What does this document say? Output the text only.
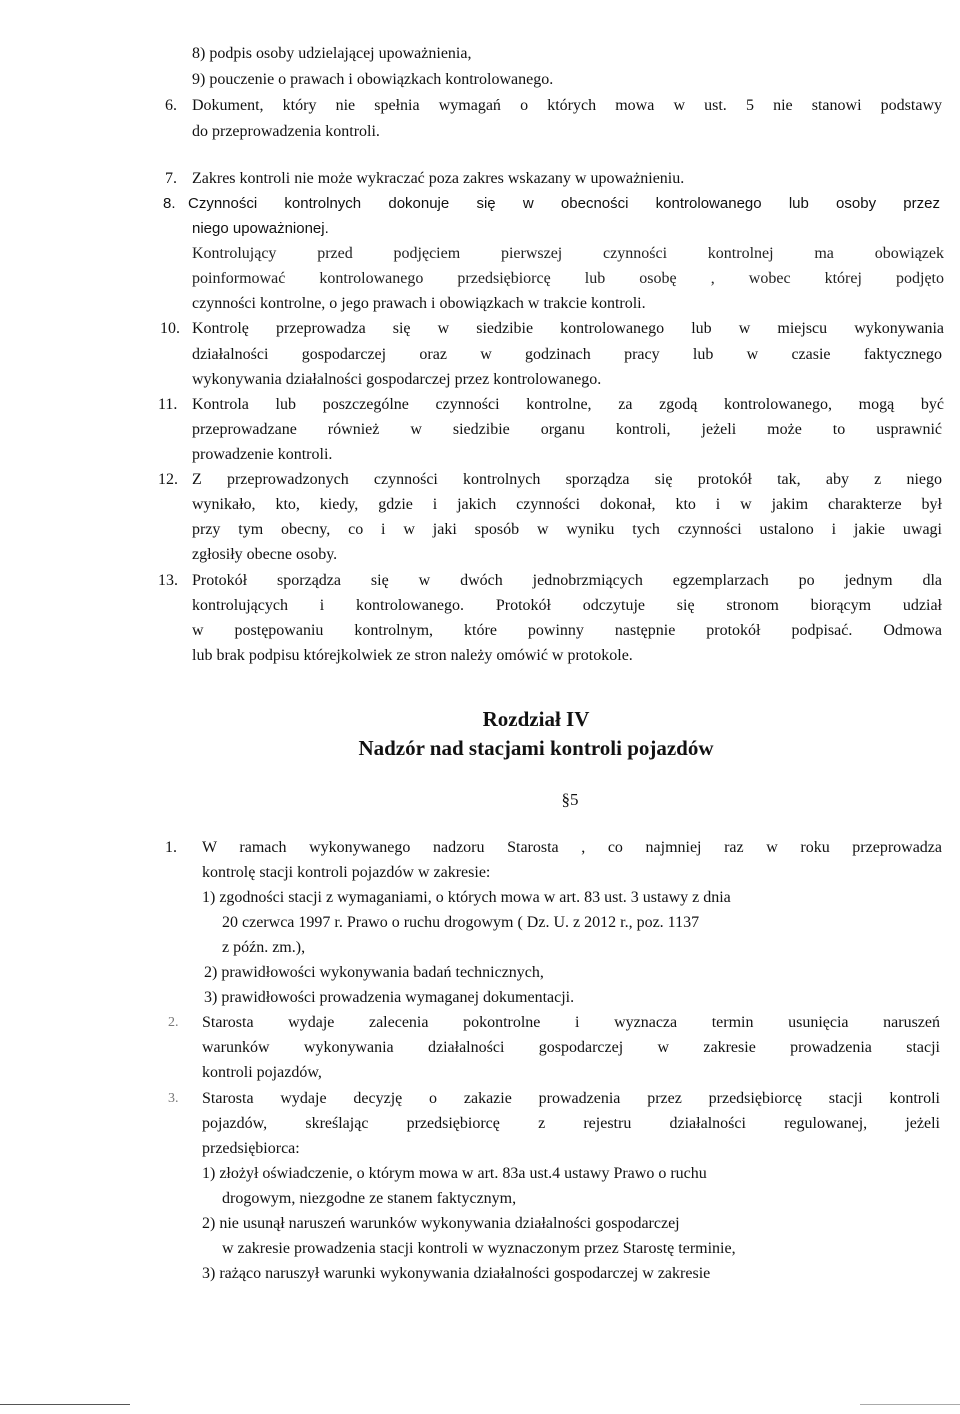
8) podpis osoby udzielającej upoważnienia,
9) pouczenie o prawach i obowiązkach kontrolowanego.
6. Dokument, który nie spełnia wymagań o których mowa w ust. 5 nie stanowi podstawy
do przeprowadzenia kontroli.
7. Zakres kontroli nie może wykraczać poza zakres wskazany w upoważnieniu.
8. Czynności kontrolnych dokonuje się w obecności kontrolowanego lub osoby przez
niego upoważnionej.
Kontrolujący przed podjęciem pierwszej czynności kontrolnej ma obowiązek
poinformować kontrolowanego przedsiębiorcę lub osobę , wobec której podjęto
czynności kontrolne, o jego prawach i obowiązkach w trakcie kontroli.
10. Kontrolę przeprowadza się w siedzibie kontrolowanego lub w miejscu wykonywania
działalności gospodarczej oraz w godzinach pracy lub w czasie faktycznego
wykonywania działalności gospodarczej przez kontrolowanego.
11. Kontrola lub poszczególne czynności kontrolne, za zgodą kontrolowanego, mogą być
przeprowadzane również w siedzibie organu kontroli, jeżeli może to usprawnić
prowadzenie kontroli.
12. Z przeprowadzonych czynności kontrolnych sporządza się protokół tak, aby z niego
wynikało, kto, kiedy, gdzie i jakich czynności dokonał, kto i w jakim charakterze był
przy tym obecny, co i w jaki sposób w wyniku tych czynności ustalono i jakie uwagi
zgłosiły obecne osoby.
13. Protokół sporządza się w dwóch jednobrzmiących egzemplarzach po jednym dla
kontrolujących i kontrolowanego. Protokół odczytuje się stronom biorącym udział
w postępowaniu kontrolnym, które powinny następnie protokół podpisać. Odmowa
lub brak podpisu którejkolwiek ze stron należy omówić w protokole.
Rozdział IV
Nadzór nad stacjami kontroli pojazdów
§5
1. W ramach wykonywanego nadzoru Starosta , co najmniej raz w roku przeprowadza
kontrolę stacji kontroli pojazdów w zakresie:
1) zgodności stacji z wymaganiami, o których mowa w art. 83 ust. 3 ustawy z dnia
20 czerwca 1997 r. Prawo o ruchu drogowym ( Dz. U. z 2012 r., poz. 1137
z późn. zm.),
2) prawidłowości wykonywania badań technicznych,
3) prawidłowości prowadzenia wymaganej dokumentacji.
2. Starosta wydaje zalecenia pokontrolne i wyznacza termin usunięcia naruszeń
warunków wykonywania działalności gospodarczej w zakresie prowadzenia stacji
kontroli pojazdów,
3. Starosta wydaje decyzję o zakazie prowadzenia przez przedsiębiorcę stacji kontroli
pojazdów, skreślając przedsiębiorcę z rejestru działalności regulowanej, jeżeli
przedsiębiorca:
1) złożył oświadczenie, o którym mowa w art. 83a ust.4 ustawy Prawo o ruchu
drogowym, niezgodne ze stanem faktycznym,
2) nie usunął naruszeń warunków wykonywania działalności gospodarczej
w zakresie prowadzenia stacji kontroli w wyznaczonym przez Starostę terminie,
3) rażąco naruszył warunki wykonywania działalności gospodarczej w zakresie
